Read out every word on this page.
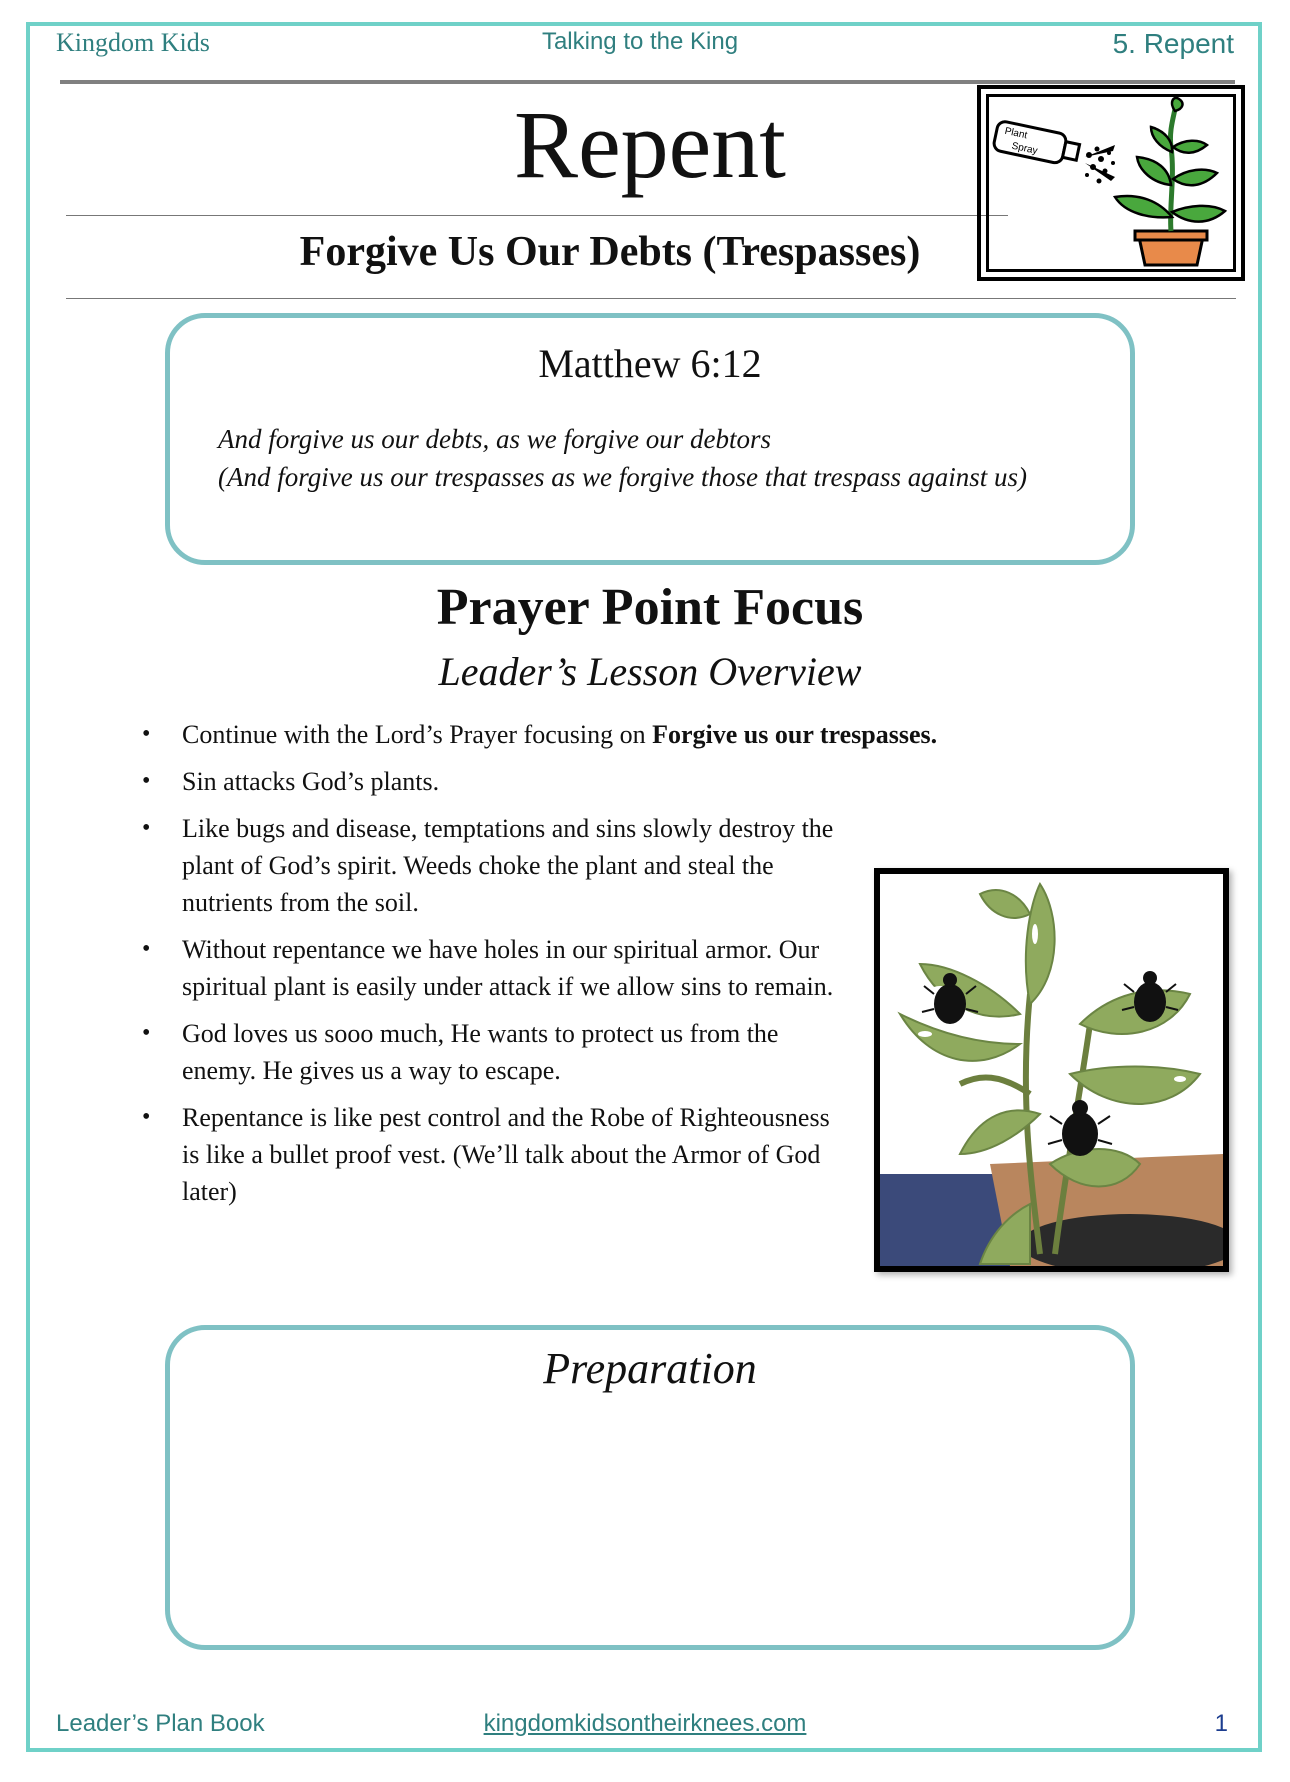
Kingdom Kids	Talking to the King	5. Repent
Repent
Forgive Us Our Debts (Trespasses)
Plant
Spray
Matthew 6:12
And forgive us our debts, as we forgive our debtors
(And forgive us our trespasses as we forgive those that trespass against us)
Prayer Point Focus
Leader’s Lesson Overview
• Continue with the Lord’s Prayer focusing on Forgive us our trespasses.
• Sin attacks God’s plants.
• Like bugs and disease, temptations and sins slowly destroy the plant of God’s spirit. Weeds choke the plant and steal the nutrients from the soil.
• Without repentance we have holes in our spiritual armor. Our spiritual plant is easily under attack if we allow sins to remain.
• God loves us sooo much, He wants to protect us from the enemy. He gives us a way to escape.
• Repentance is like pest control and the Robe of Righteousness is like a bullet proof vest. (We’ll talk about the Armor of God later)
Preparation
Leader’s Plan Book	kingdomkidsontheirknees.com	1
